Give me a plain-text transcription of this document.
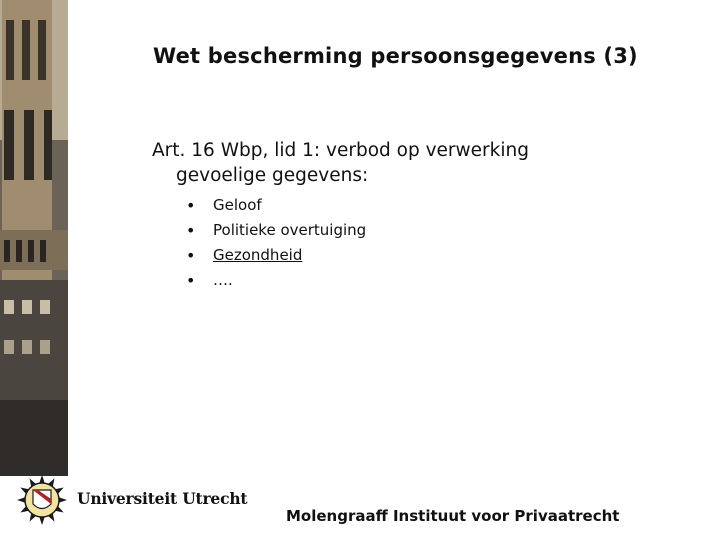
Wet bescherming persoonsgegevens (3)
Art. 16 Wbp, lid 1: verbod op verwerking
gevoelige gegevens:
• Geloof
• Politieke overtuiging
• Gezondheid
• ….
Universiteit Utrecht
Molengraaff Instituut voor Privaatrecht
